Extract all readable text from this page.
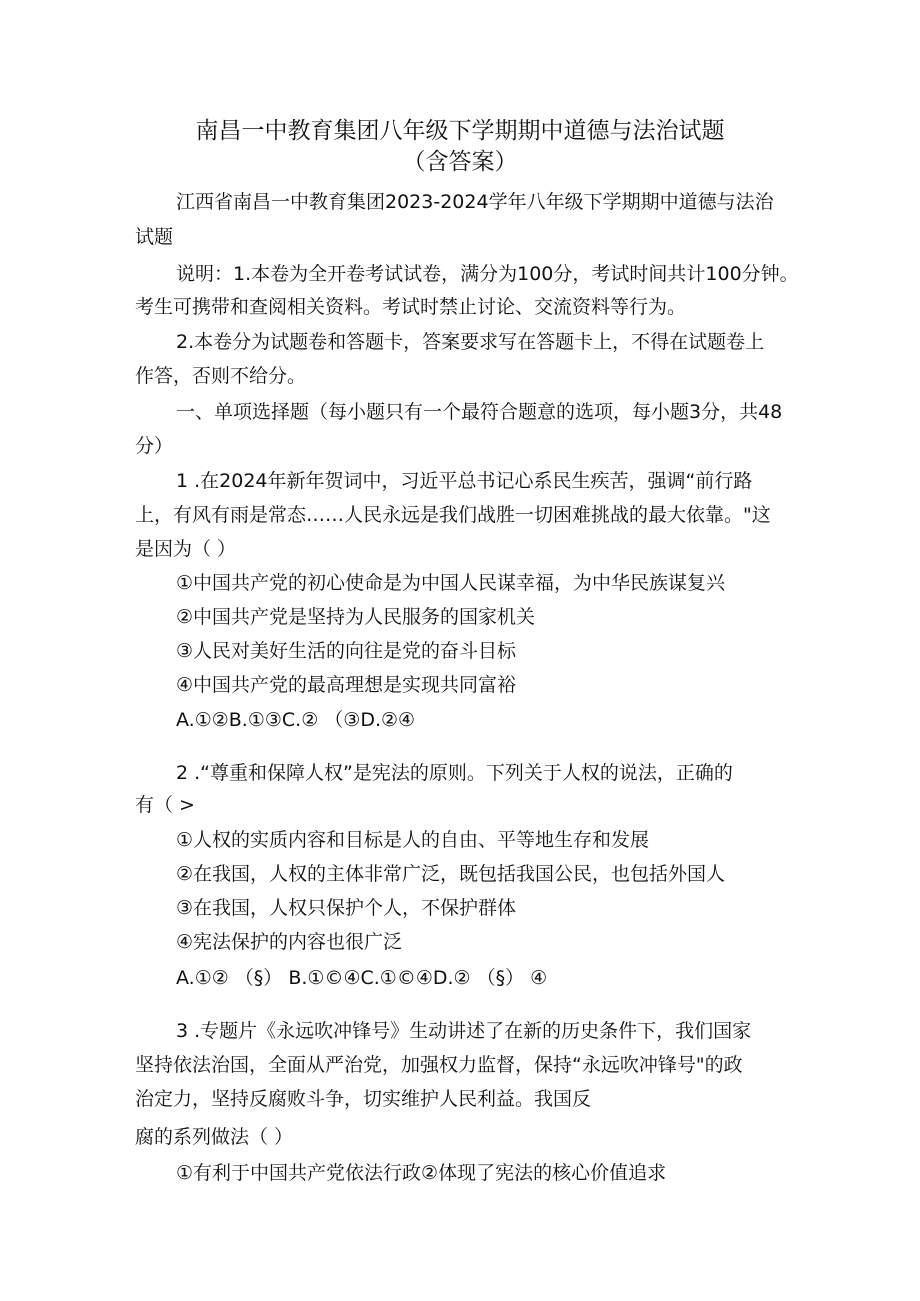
南昌一中教育集团八年级下学期期中道德与法治试题
（含答案）
江西省南昌一中教育集团2023-2024学年八年级下学期期中道德与法治
试题
说明：1.本卷为全开卷考试试卷，满分为100分，考试时间共计100分钟。
考生可携带和查阅相关资料。考试时禁止讨论、交流资料等行为。
2.本卷分为试题卷和答题卡，答案要求写在答题卡上，不得在试题卷上
作答，否则不给分。
一、单项选择题（每小题只有一个最符合题意的选项，每小题3分，共48
分）
1 .在2024年新年贺词中，习近平总书记心系民生疾苦，强调“前行路
上，有风有雨是常态……人民永远是我们战胜一切困难挑战的最大依靠。"这
是因为（ ）
①中国共产党的初心使命是为中国人民谋幸福，为中华民族谋复兴
②中国共产党是坚持为人民服务的国家机关
③人民对美好生活的向往是党的奋斗目标
④中国共产党的最高理想是实现共同富裕
A.①②B.①③C.② （③D.②④
2 .“尊重和保障人权”是宪法的原则。下列关于人权的说法，正确的
有（ >
①人权的实质内容和目标是人的自由、平等地生存和发展
②在我国，人权的主体非常广泛，既包括我国公民，也包括外国人
③在我国，人权只保护个人，不保护群体
④宪法保护的内容也很广泛
A.①② （§） B.①©④C.①©④D.② （§） ④
3 .专题片《永远吹冲锋号》生动讲述了在新的历史条件下，我们国家
坚持依法治国，全面从严治党，加强权力监督，保持“永远吹冲锋号"的政
治定力，坚持反腐败斗争，切实维护人民利益。我国反
腐的系列做法（ ）
①有利于中国共产党依法行政②体现了宪法的核心价值追求
